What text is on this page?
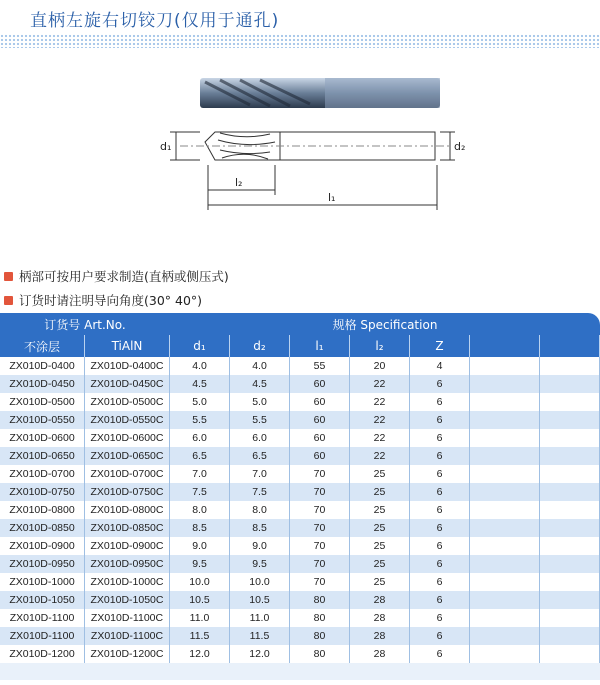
直柄左旋右切铰刀(仅用于通孔)
d₁	d₂
l₂
l₁
柄部可按用户要求制造(直柄或侧压式)
订货时请注明导向角度(30° 40°)
订货号 Art.No.	规格 Specification
不涂层	TiAlN	d₁	d₂	l₁	l₂	Z
ZX010D-0400	ZX010D-0400C	4.0	4.0	55	20	4
ZX010D-0450	ZX010D-0450C	4.5	4.5	60	22	6
ZX010D-0500	ZX010D-0500C	5.0	5.0	60	22	6
ZX010D-0550	ZX010D-0550C	5.5	5.5	60	22	6
ZX010D-0600	ZX010D-0600C	6.0	6.0	60	22	6
ZX010D-0650	ZX010D-0650C	6.5	6.5	60	22	6
ZX010D-0700	ZX010D-0700C	7.0	7.0	70	25	6
ZX010D-0750	ZX010D-0750C	7.5	7.5	70	25	6
ZX010D-0800	ZX010D-0800C	8.0	8.0	70	25	6
ZX010D-0850	ZX010D-0850C	8.5	8.5	70	25	6
ZX010D-0900	ZX010D-0900C	9.0	9.0	70	25	6
ZX010D-0950	ZX010D-0950C	9.5	9.5	70	25	6
ZX010D-1000	ZX010D-1000C	10.0	10.0	70	25	6
ZX010D-1050	ZX010D-1050C	10.5	10.5	80	28	6
ZX010D-1100	ZX010D-1100C	11.0	11.0	80	28	6
ZX010D-1100	ZX010D-1100C	11.5	11.5	80	28	6
ZX010D-1200	ZX010D-1200C	12.0	12.0	80	28	6
